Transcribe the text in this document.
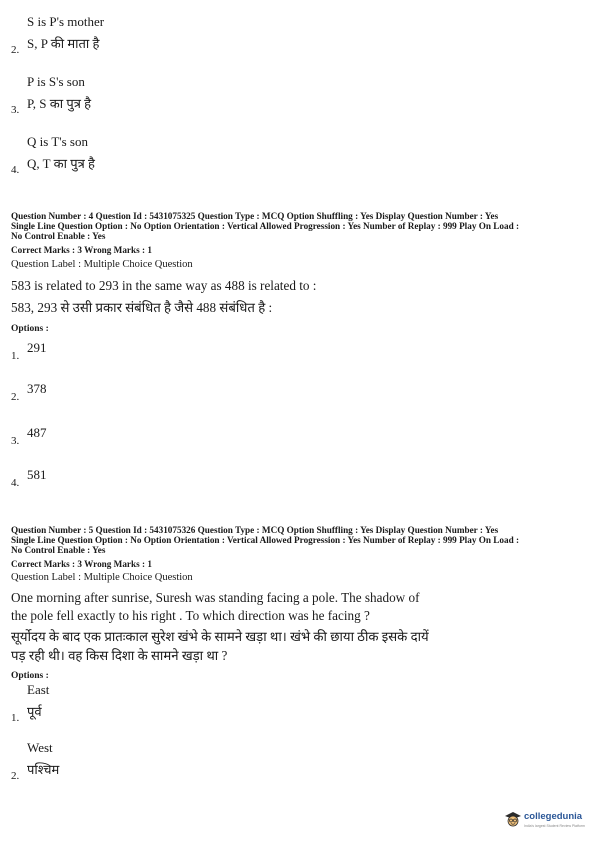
S is P's mother
S, P की माता है
2.
P is S's son
P, S का पुत्र है
3.
Q is T's son
Q, T का पुत्र है
4.
Question Number : 4 Question Id : 5431075325 Question Type : MCQ Option Shuffling : Yes Display Question Number : Yes
Single Line Question Option : No Option Orientation : Vertical Allowed Progression : Yes Number of Replay : 999 Play On Load :
No Control Enable : Yes
Correct Marks : 3 Wrong Marks : 1
Question Label : Multiple Choice Question
583 is related to 293 in the same way as 488 is related to :
583, 293 से उसी प्रकार संबंधित है जैसे 488 संबंधित है :
Options :
291
1.
378
2.
487
3.
581
4.
Question Number : 5 Question Id : 5431075326 Question Type : MCQ Option Shuffling : Yes Display Question Number : Yes
Single Line Question Option : No Option Orientation : Vertical Allowed Progression : Yes Number of Replay : 999 Play On Load :
No Control Enable : Yes
Correct Marks : 3 Wrong Marks : 1
Question Label : Multiple Choice Question
One morning after sunrise, Suresh was standing facing a pole. The shadow of
the pole fell exactly to his right . To which direction was he facing ?
सूर्योदय के बाद एक प्रातःकाल सुरेश खंभे के सामने खड़ा था। खंभे की छाया ठीक इसके दायें
पड़ रही थी। वह किस दिशा के सामने खड़ा था ?
Options :
East
पूर्व
1.
West
पश्चिम
2.
collegedunia
India's largest Student Review Platform
